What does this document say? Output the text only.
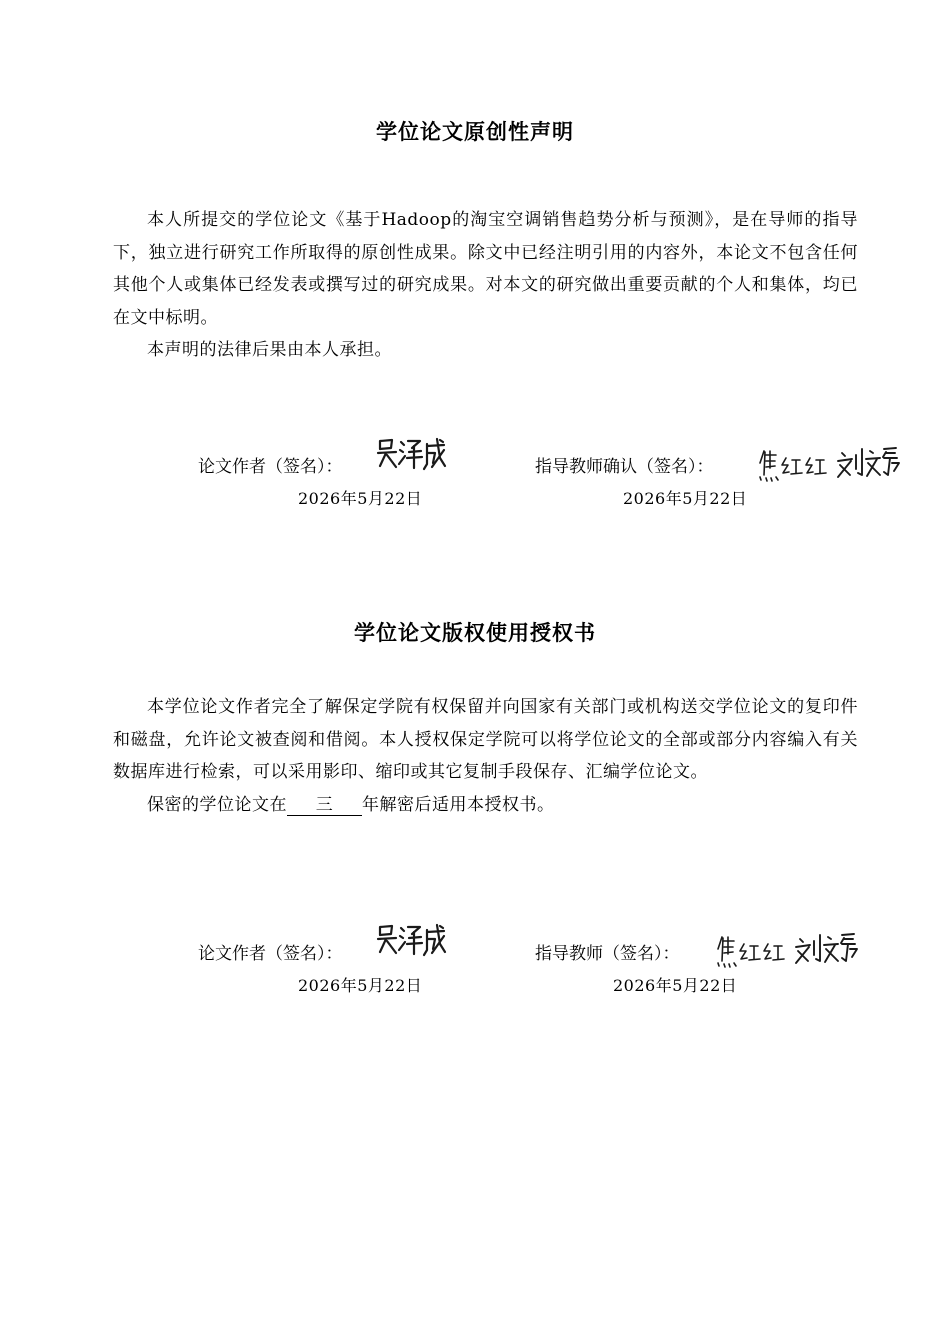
学位论文原创性声明

本人所提交的学位论文《基于Hadoop的淘宝空调销售趋势分析与预测》，是在导师的指导下，独立进行研究工作所取得的原创性成果。除文中已经注明引用的内容外，本论文不包含任何其他个人或集体已经发表或撰写过的研究成果。对本文的研究做出重要贡献的个人和集体，均已在文中标明。

本声明的法律后果由本人承担。

论文作者（签名）：
2026年5月22日
指导教师确认（签名）：
2026年5月22日
学位论文版权使用授权书

本学位论文作者完全了解保定学院有权保留并向国家有关部门或机构送交学位论文的复印件和磁盘，允许论文被查阅和借阅。本人授权保定学院可以将学位论文的全部或部分内容编入有关数据库进行检索，可以采用影印、缩印或其它复制手段保存、汇编学位论文。

保密的学位论文在 三 年解密后适用本授权书。

论文作者（签名）：
2026年5月22日
指导教师（签名）：
2026年5月22日
